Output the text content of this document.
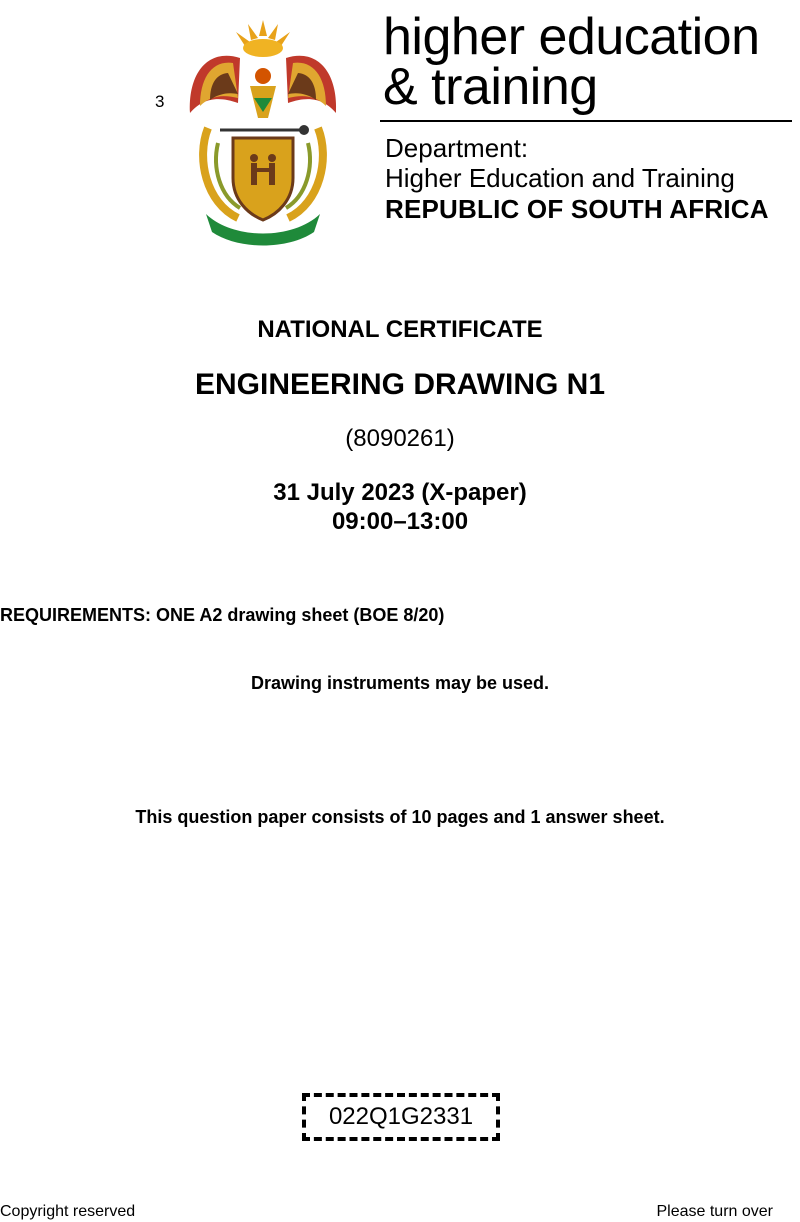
3
higher education
& training
Department:
Higher Education and Training
REPUBLIC OF SOUTH AFRICA
NATIONAL CERTIFICATE
ENGINEERING DRAWING N1
(8090261)
31 July 2023 (X-paper)
09:00–13:00
REQUIREMENTS: ONE A2 drawing sheet (BOE 8/20)
Drawing instruments may be used.
This question paper consists of 10 pages and 1 answer sheet.
022Q1G2331
Copyright reserved	Please turn over
